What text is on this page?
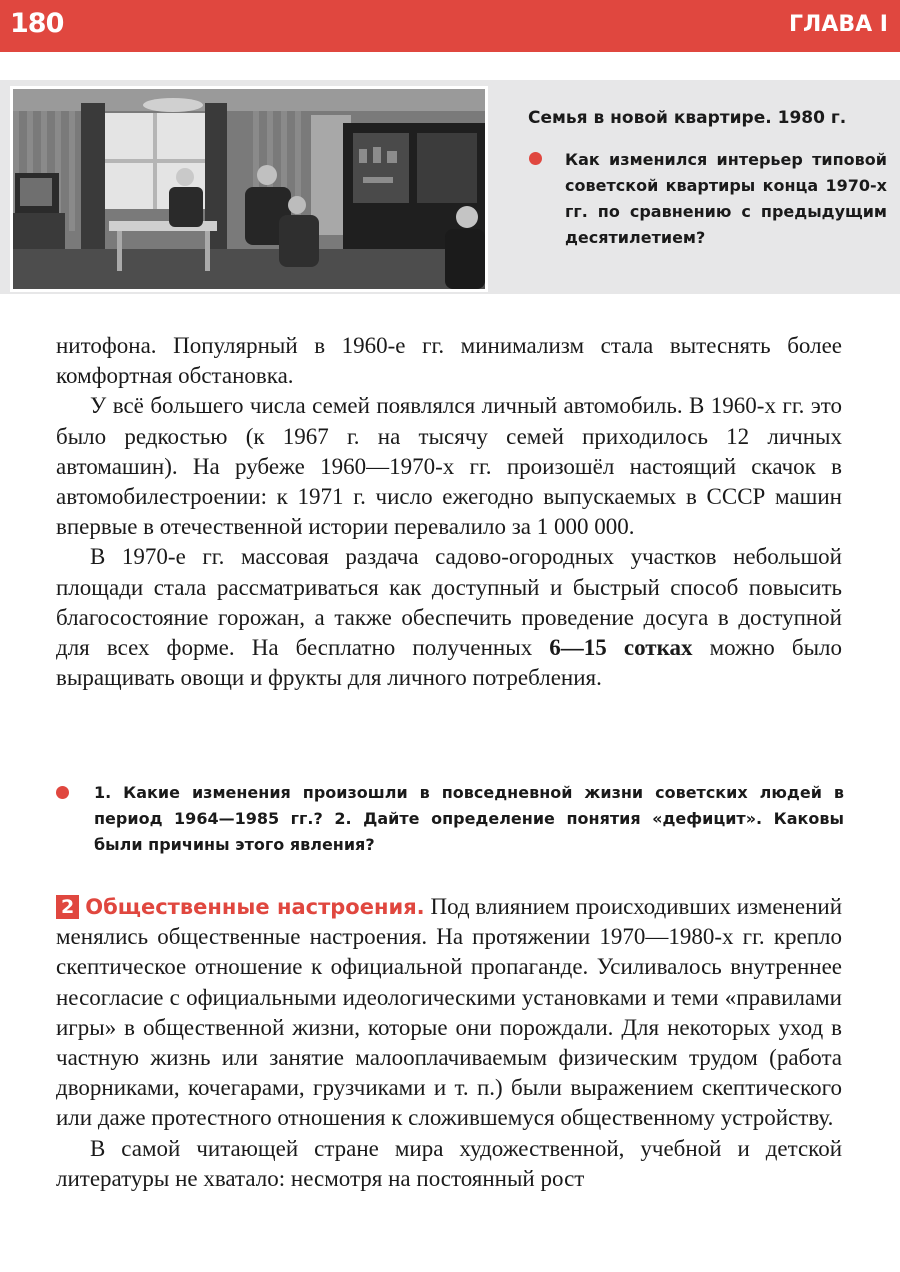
180	ГЛАВА I
Семья в новой квартире. 1980 г.
Как изменился интерьер типовой советской квартиры конца 1970-х гг. по сравнению с предыдущим десятилетием?

нитофона. Популярный в 1960-е гг. минимализм стала вытеснять более комфортная обстановка.

У всё большего числа семей появлялся личный автомобиль. В 1960-х гг. это было редкостью (к 1967 г. на тысячу семей приходилось 12 личных автомашин). На рубеже 1960—1970-х гг. произошёл настоящий скачок в автомобилестроении: к 1971 г. число ежегодно выпускаемых в СССР машин впервые в отечественной истории перевалило за 1 000 000.

В 1970-е гг. массовая раздача садово-огородных участков небольшой площади стала рассматриваться как доступный и быстрый способ повысить благосостояние горожан, а также обеспечить проведение досуга в доступной для всех форме. На бесплатно полученных 6—15 сотках можно было выращивать овощи и фрукты для личного потребления.

1. Какие изменения произошли в повседневной жизни советских людей в период 1964—1985 гг.? 2. Дайте определение понятия «дефицит». Каковы были причины этого явления?

2 Общественные настроения. Под влиянием происходивших изменений менялись общественные настроения. На протяжении 1970—1980-х гг. крепло скептическое отношение к официальной пропаганде. Усиливалось внутреннее несогласие с официальными идеологическими установками и теми «правилами игры» в общественной жизни, которые они порождали. Для некоторых уход в частную жизнь или занятие малооплачиваемым физическим трудом (работа дворниками, кочегарами, грузчиками и т. п.) были выражением скептического или даже протестного отношения к сложившемуся общественному устройству.

В самой читающей стране мира художественной, учебной и детской литературы не хватало: несмотря на постоянный рост
